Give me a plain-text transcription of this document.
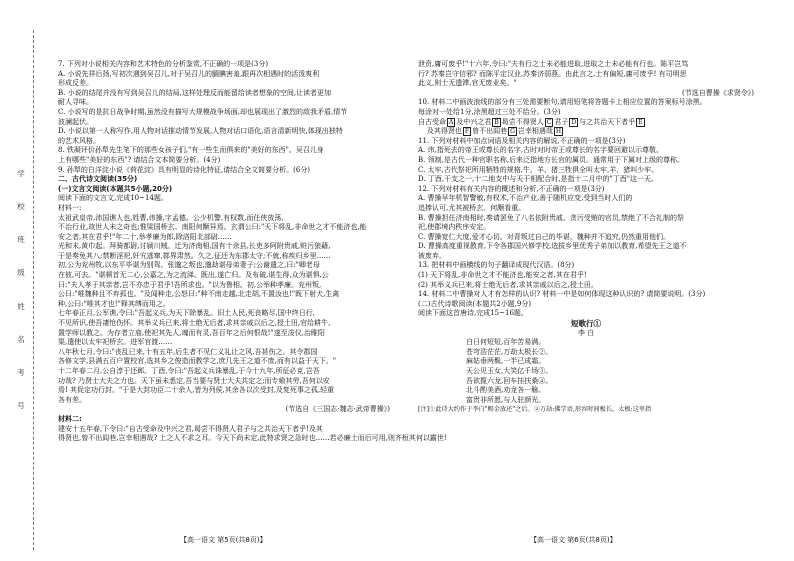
学
校
班
级
姓
名
考
号

7. 下列对小说相关内容和艺术特色的分析鉴赏,不正确的一项是(3分)

A. 小说先祥后扬,写初次遇到吴召儿,对于吴召儿的腼腆害羞,跟再次相遇时的活泼爽利

形成反差。

B. 小说的结尾并没有写到吴召儿的结局,这样处理反而能留给读者想象的空间,让读者更加

耐人寻味。

C. 小说写的是抗日战争时期,虽然没有描写大规模战争场面,却也展现出了激烈的敌我矛盾,情节

波澜起伏。

D. 小说以第一人称写作,用人物对话推动情节发展,人物对话口语化,语言清新明快,体现出独特

的艺术风格。

8. 铁凝评价孙犁先生笔下的那些女孩子们,"有一些生而俱来的"美好的东西"。吴召儿身

上有哪些"美好的东西"? 请结合文本简要分析。(4分)

9. 孙犁的白洋淀小说《荷花淀》具有明显的诗化特征,请结合全文简要分析。(6分)

二、古代诗文阅读(35分)

(一)文言文阅读(本题共5小题,20分)

阅读下面的文言文,完成10~14题。

材料一:

太祖武皇帝,沛国谯人也,姓曹,讳操,字孟德。公少机警,有权数,而任侠放荡,

不治行业,故世人未之奇也;惟梁国桥玄、南阳何颙异焉。玄谓公曰:"天下将乱,非命世之才不能济也,能

安之者,其在君乎!"年二十,举孝廉为郎,除洛阳北部尉……

光和末,黄巾起。拜骑都尉,讨颍川贼。迁为济南相,国有十余县,长吏多阿附贵戚,赃污狼藉,

于是奏免其八;禁断淫祀,奸宄逃窜,郡界肃然。久之,征还为东郡太守;不就,称疾归乡里……

初,公为兖州牧,以东平毕谌为别驾。张邈之叛也,邈劫谌母弟妻子;公谢遣之,曰:"卿老母

在彼,可去。"谌顿首无二心,公嘉之,为之流涕。既出,遂亡归。及布破,谌生得,众为谌惧,公

曰:"夫人孝于其亲者,岂不亦忠于君乎!吾所求也。"以为鲁相。初,公举种孝廉。兖州叛,

公曰:"唯魏种且不弃孤也。"及闻种走,公怒曰:"种不南走越,北走胡,不置汝也!"既下射犬,生禽

种,公曰:"唯其才也!"释其缚而用之。

七年春正月,公军谯,令曰:"吾起义兵,为天下除暴乱。旧土人民,死丧略尽,国中终日行,

不见所识,使吾凄怆伤怀。其举义兵已来,将士绝无后者,求其亲戚以后之,授土田,官给耕牛,

置学师以教之。为存者立庙,使祀其先人,魂而有灵,吾百年之后何恨哉!"遂至浚仪,治睢阳

渠,遣使以太牢祀桥玄。进军官渡……

八年秋七月,令曰:"丧乱已来,十有五年,后生者不见仁义礼让之风,吾甚伤之。其令郡国

各修文学,县满五百户置校官,选其乡之俊造而教学之,庶几先王之道不废,而有以益于天下。"

十二年春二月,公自淳于还邺。丁酉,令曰:"吾起义兵诛暴乱,于今十九年,所征必克,岂吾

功哉? 乃贤士大夫之力也。天下虽未悉定,吾当要与贤士大夫共定之;而专飨其劳,吾何以安

焉! 其促定功行封。"于是大封功臣二十余人,皆为列侯,其余各以次受封,及复死事之孤,轻重

各有差。

(节选自《三国志·魏志·武帝曹操》)

材料二:

建安十五年春,下令曰:"自古受命及中兴之君,曷尝不得贤人君子与之共治天下者乎!及其

得贤也,曾不出闾巷,岂幸相遇哉? 上之人不求之耳。今天下尚未定,此特求贤之急时也……若必廉士而后可用,则齐桓其何以霸世!

泄贲,庸可废乎!"十六年,令曰:"夫有行之士未必能进取,进取之士未必能有行也。陈平岂笃

行? 苏秦岂守信邪? 而陈平定汉业,苏秦济弱燕。由此言之,士有偏短,庸可废乎! 有司明思

此义,则士无遗滞,官无废业矣。"

(节选自曹操《求贤令》)

10. 材料二中画波浪线的部分有三处需要断句,请用铅笔将答题卡上相应位置的答案标号涂黑。

每涂对一处给1分,涂黑超过三处不给分。(3分)

自古受命 A 及中兴之君 B 曷尝不得贤人 C 君子 D 与之共治天下者乎 E

及其得贤也 F 曾不出闾巷 G 岂幸相遇哉 H

11. 下列对材料中加点词语及相关内容的解说,不正确的一项是(3分)

A. 讳,指死去的帝王或尊长的名字,古时对时帝王或尊长的名字要回避以示尊敬。

B. 领制,是古代一种官职名称,后来泛指地方长官的属员。通常用于下属对上级的尊称。

C. 太牢,古代祭祀所用牺牲的规格,牛、羊、猪三牲俱全叫太牢,羊、猪叫少牢。

D. 丁酉,干支之一,十二地支中与天干相配合时,是指十二月中的"丁酉"这一天。

12. 下列对材料有关内容的概述和分析,不正确的一项是(3分)

A. 曹操早年机智警敏,有权术,不治产业,善于随机应变,受到当时人们的

追捧认可,尤其被桥玄、何颙看重。

B. 曹操担任济南相时,奏请罢免了八名依附贵戚、贪污受贿的官员,禁绝了不合礼制的祭

祀,使郡境内秩序安定。

C. 曹操宽仁大度,爱才心切。对背叛过自己的毕谌、魏种并不追究,仍然重用他们。

D. 曹操高度重视教育,下令各郡国兴修学校,选拔乡里优秀子弟加以教育,希望先王之道不

被废弃。

13. 把材料中画横线的句子翻译成现代汉语。(8分)

(1) 天下将乱,非命世之才不能济也,能安之者,其在君乎!

(2) 其举义兵已来,将士绝无后者,求其亲戚以后之,授土田。

14. 材料二中曹操对人才有怎样的认识? 材料一中是如何体现这种认识的? 请简要说明。(3分)

(二)古代诗歌阅读(本题共2小题,9分)

阅读下面这首唐诗,完成15~16题。

短歌行①

李 白

白日何短短,百年苦易满。

苍穹浩茫茫,万劫太极长②。

麻姑垂两鬓,一半已成霜。

天公见玉女,大笑亿千场③。

吾欲揽六龙,回车挂扶桑④。

北斗酌美酒,劝龙各一觞。

富贵非所愿,与人驻颜光。

[注]①此诗大约作于李白"赐金放还"之后。②万劫:佛学语,形容时间极长。太极:这里指

【高一语文 第5页(共8页)】	【高一语文 第6页(共8页)】
